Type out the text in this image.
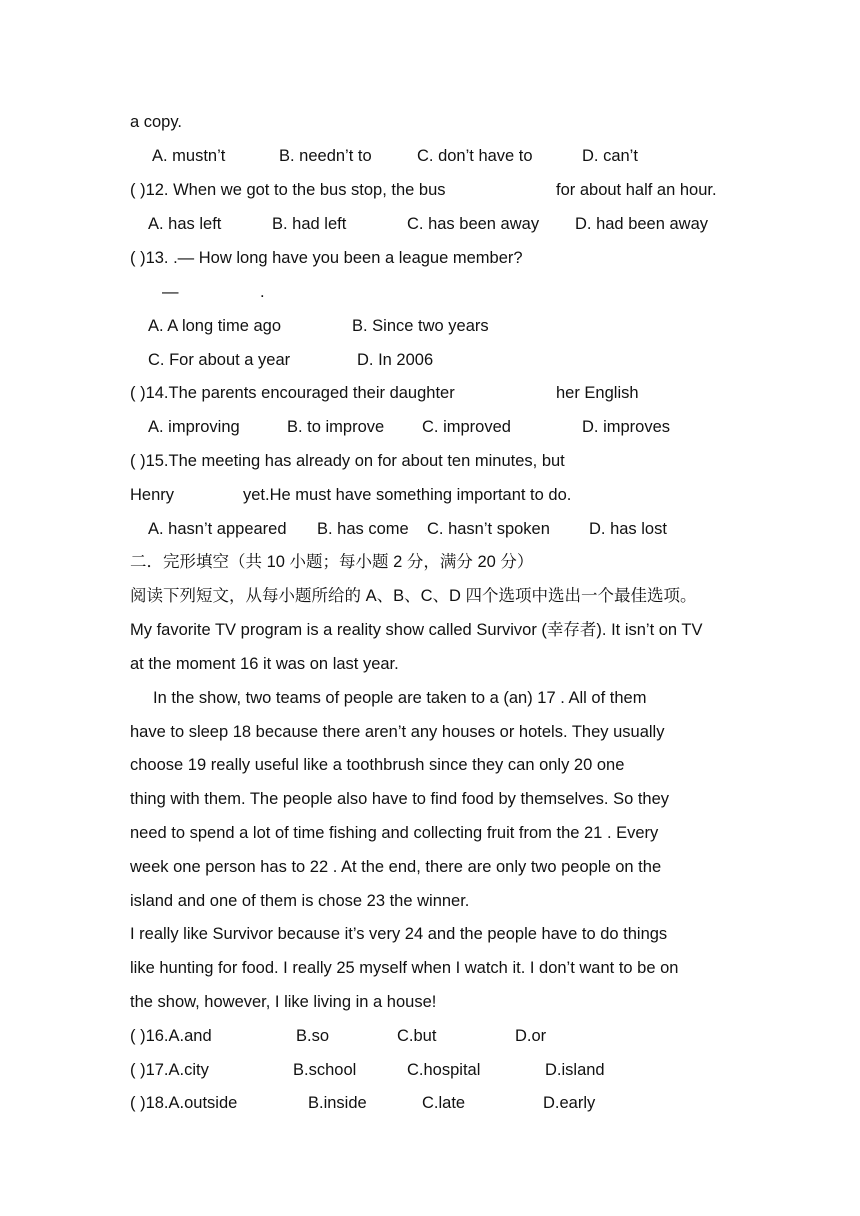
a copy.
A. mustn’t	B. needn’t to	C. don’t have to	D. can’t
( )12. When we got to the bus stop, the bus	for about half an hour.
A. has left	B. had left	C. has been away D. had been away
( )13. .— How long have you been a league member?
—	.
A. A long time ago	B. Since two years
C. For about a year	D. In 2006
( )14.The parents encouraged their daughter	her English
A. improving	B. to improve C. improved	D. improves
( )15.The meeting has already on for about ten minutes, but
Henry	yet.He must have something important to do.
A. hasn’t appeared B. has come C. hasn’t spoken D. has lost
二．完形填空（共 10 小题；每小题 2 分，满分 20 分）
阅读下列短文，从每小题所给的 A、B、C、D 四个选项中选出一个最佳选项。
My favorite TV program is a reality show called Survivor (幸存者). It isn’t on TV
at the moment 16 it was on last year.
In the show, two teams of people are taken to a (an) 17 . All of them
have to sleep 18 because there aren’t any houses or hotels. They usually
choose 19 really useful like a toothbrush since they can only 20 one
thing with them. The people also have to find food by themselves. So they
need to spend a lot of time fishing and collecting fruit from the 21 . Every
week one person has to 22 . At the end, there are only two people on the
island and one of them is chose 23 the winner.
I really like Survivor because it’s very 24 and the people have to do things
like hunting for food. I really 25 myself when I watch it. I don’t want to be on
the show, however, I like living in a house!
( )16.A.and	B.so	C.but	D.or
( )17.A.city	B.school	C.hospital	D.island
( )18.A.outside	B.inside	C.late	D.early
